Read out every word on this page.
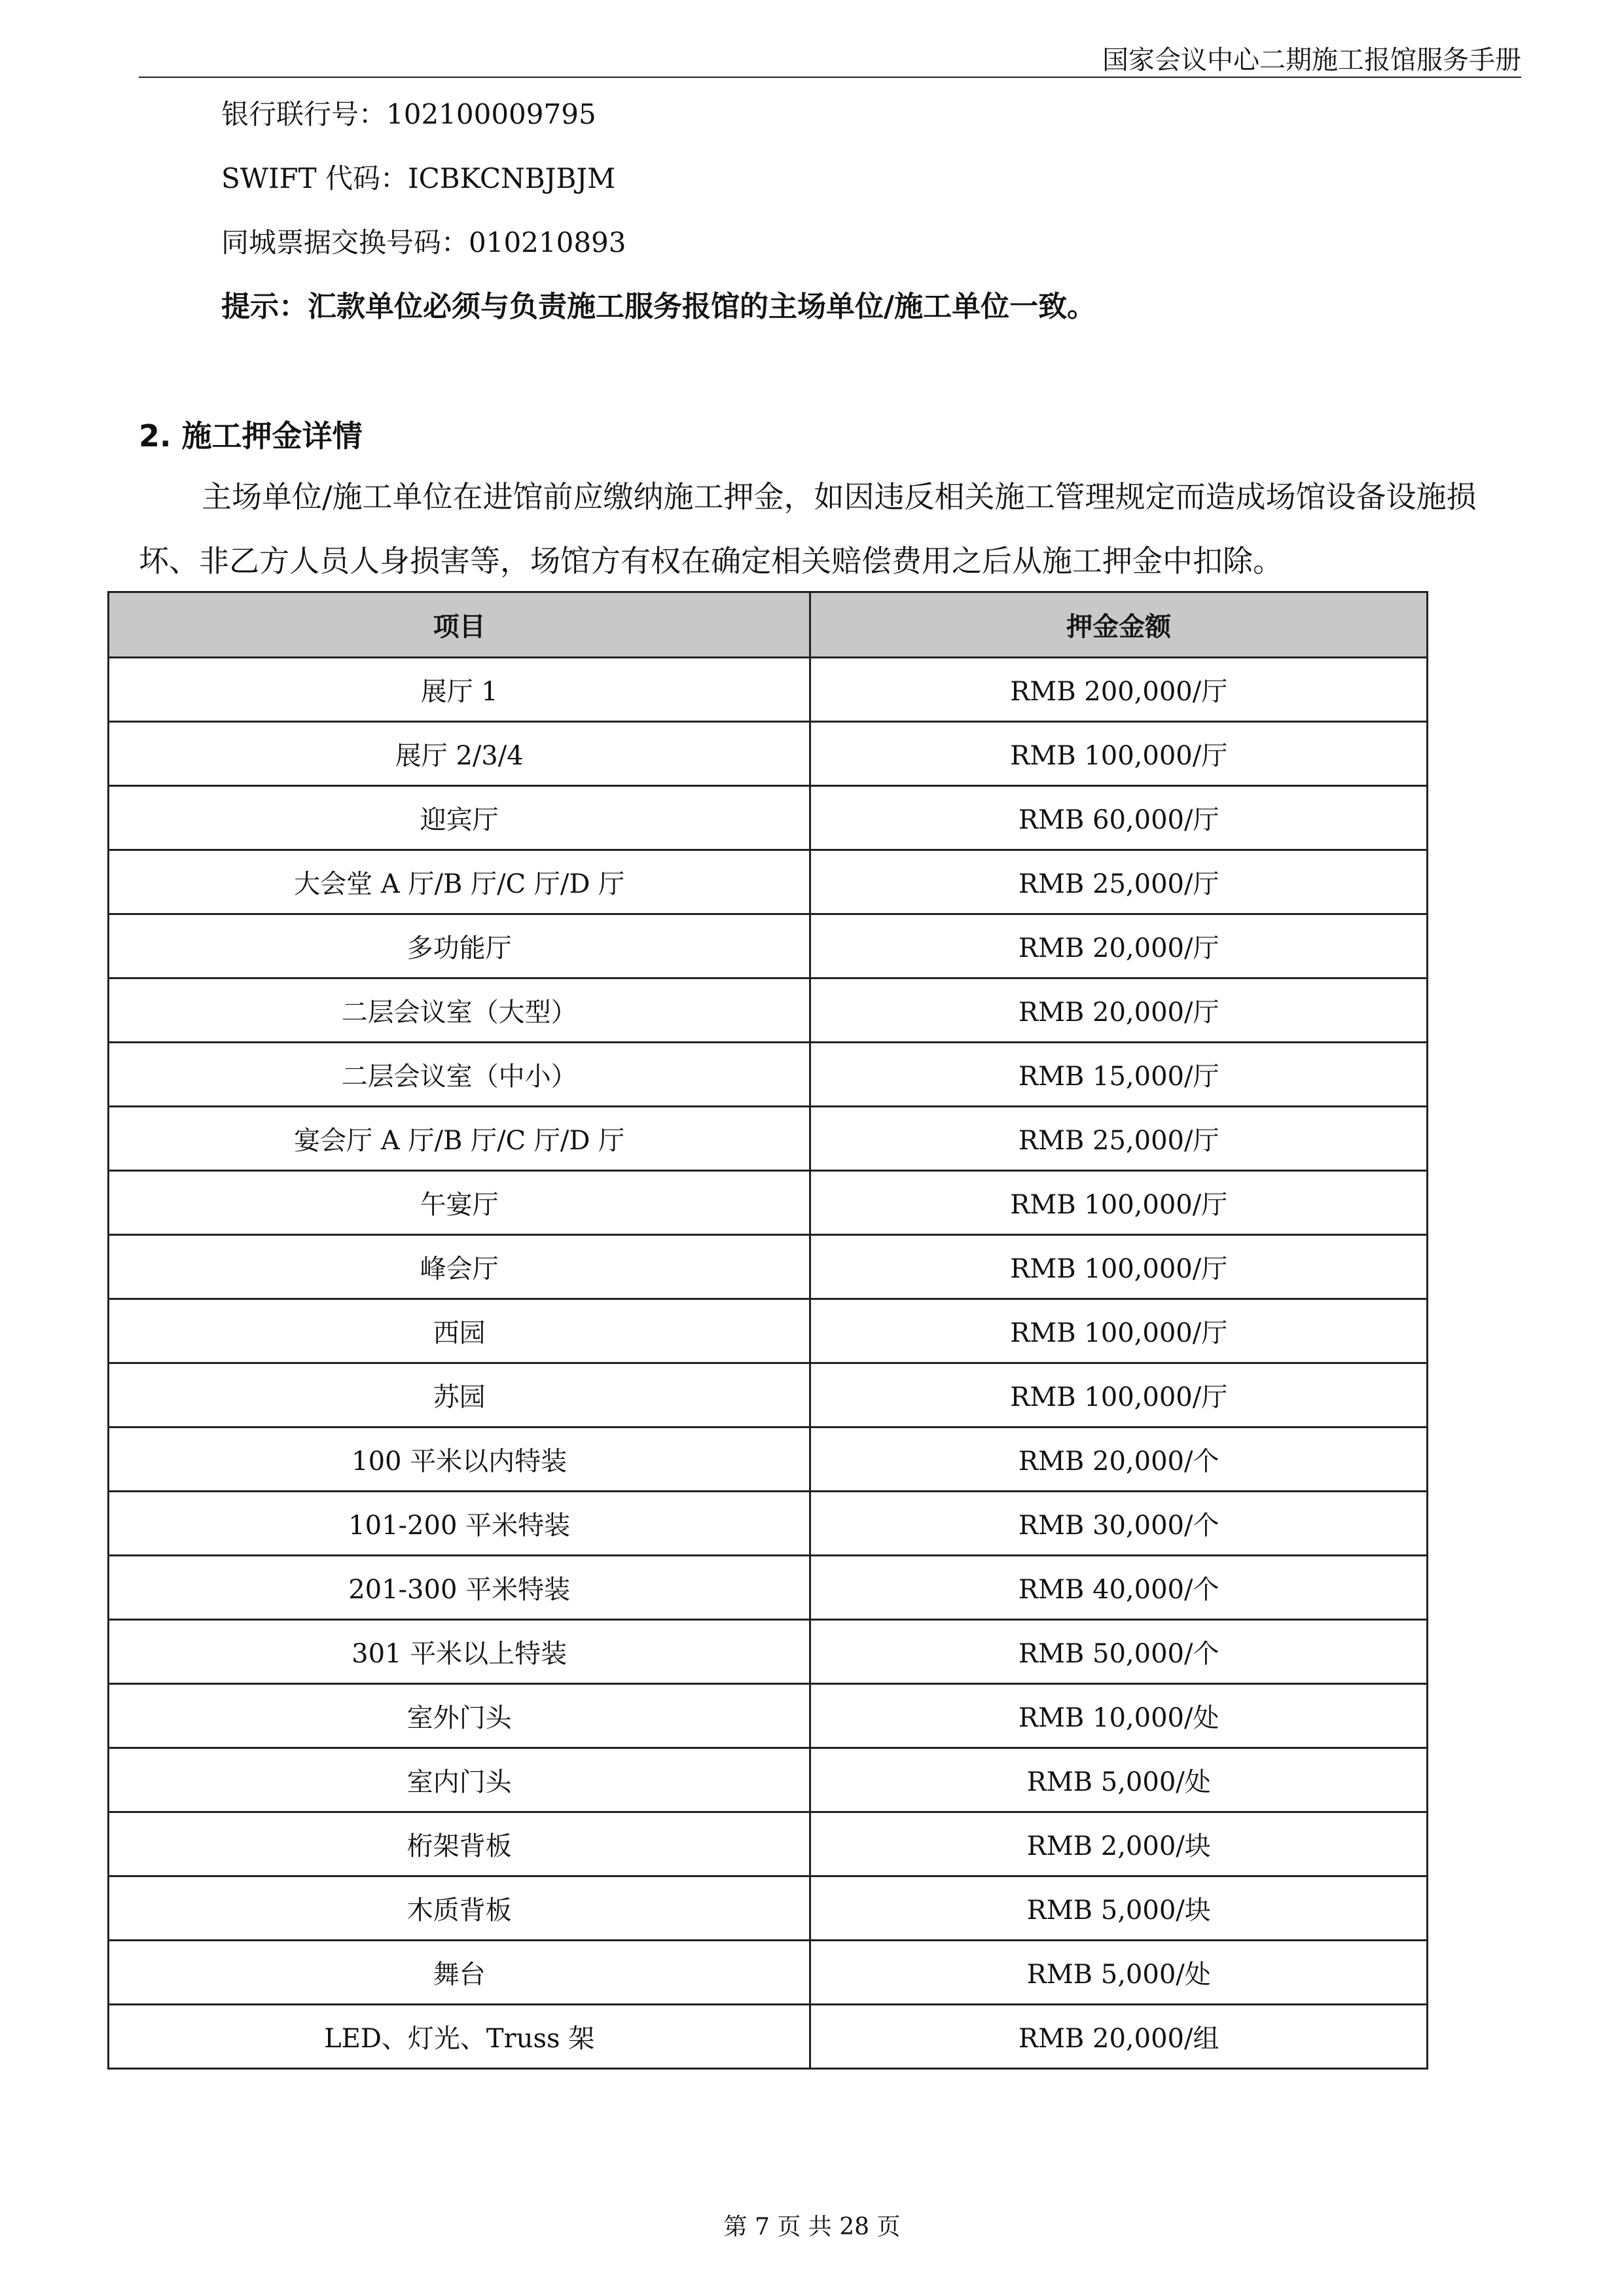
国家会议中心二期施工报馆服务手册
银行联行号：102100009795
SWIFT 代码：ICBKCNBJBJM
同城票据交换号码：010210893
提示：汇款单位必须与负责施工服务报馆的主场单位/施工单位一致。
2. 施工押金详情
主场单位/施工单位在进馆前应缴纳施工押金，如因违反相关施工管理规定而造成场馆设备设施损坏、非乙方人员人身损害等，场馆方有权在确定相关赔偿费用之后从施工押金中扣除。
项目	押金金额
展厅 1	RMB 200,000/厅
展厅 2/3/4	RMB 100,000/厅
迎宾厅	RMB 60,000/厅
大会堂 A 厅/B 厅/C 厅/D 厅	RMB 25,000/厅
多功能厅	RMB 20,000/厅
二层会议室（大型）	RMB 20,000/厅
二层会议室（中小）	RMB 15,000/厅
宴会厅 A 厅/B 厅/C 厅/D 厅	RMB 25,000/厅
午宴厅	RMB 100,000/厅
峰会厅	RMB 100,000/厅
西园	RMB 100,000/厅
苏园	RMB 100,000/厅
100 平米以内特装	RMB 20,000/个
101-200 平米特装	RMB 30,000/个
201-300 平米特装	RMB 40,000/个
301 平米以上特装	RMB 50,000/个
室外门头	RMB 10,000/处
室内门头	RMB 5,000/处
桁架背板	RMB 2,000/块
木质背板	RMB 5,000/块
舞台	RMB 5,000/处
LED、灯光、Truss 架	RMB 20,000/组
第 7 页 共 28 页
